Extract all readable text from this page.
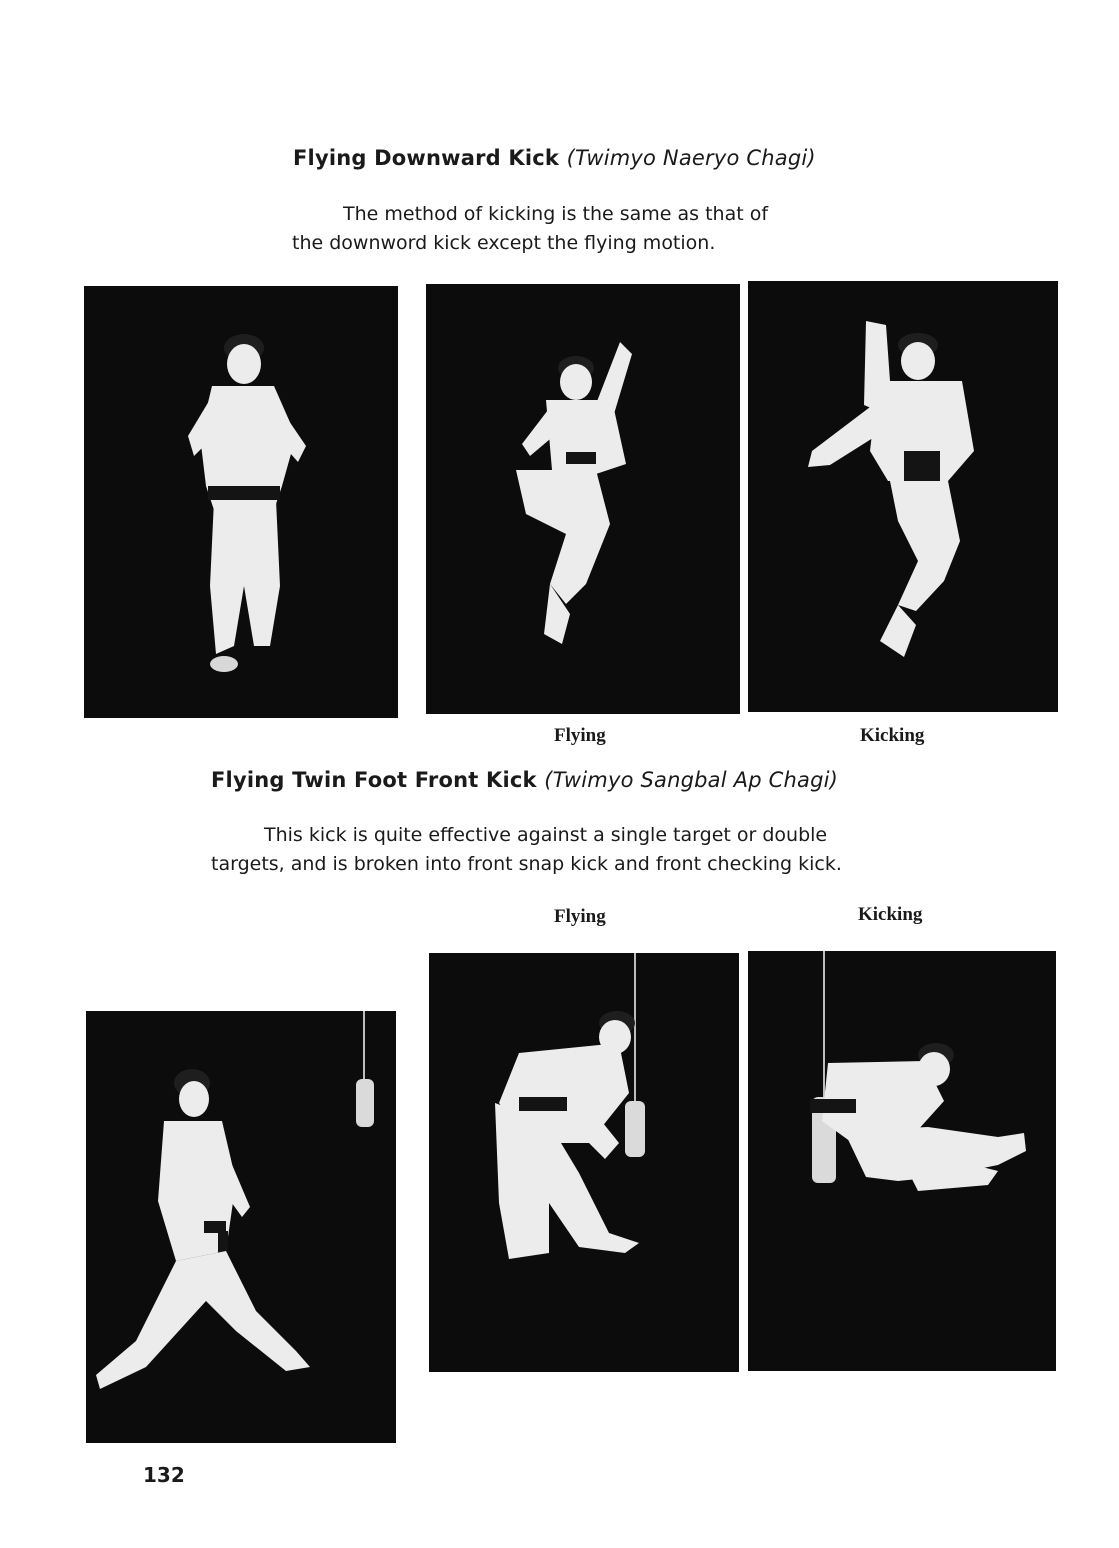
Flying Downward Kick (Twimyo Naeryo Chagi)
The method of kicking is the same as that of
the downword kick except the flying motion.
Flying	Kicking
Flying Twin Foot Front Kick (Twimyo Sangbal Ap Chagi)
This kick is quite effective against a single target or double
targets, and is broken into front snap kick and front checking kick.
Flying	Kicking
132
